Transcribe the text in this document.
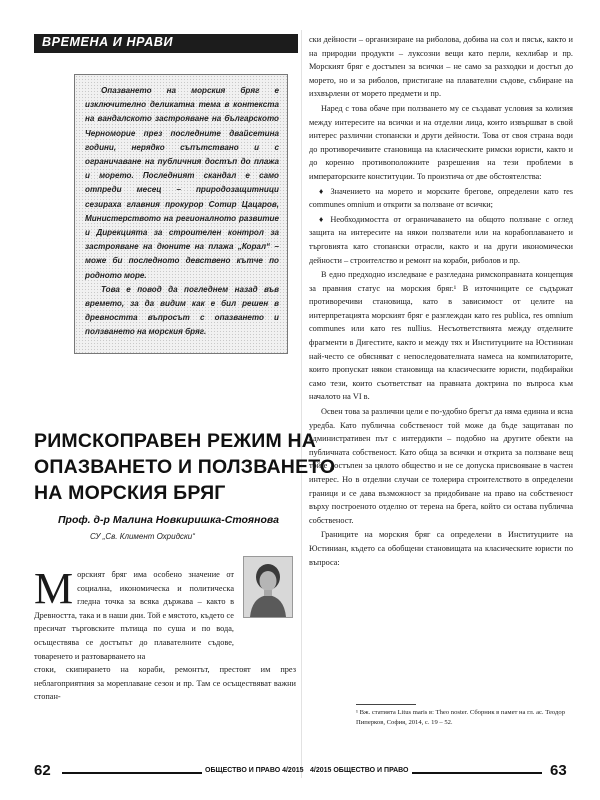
ВРЕМЕНА И НРАВИ

Опазването на морския бряг е изключително деликатна тема в контекста на вандалското застрояване на българското Черноморие през последните двайсетина години, нерядко съпътствано и с ограничаване на публичния достъп до плажа и морето. Последният скандал е само отпреди месец – природозащитници сезираха главния прокурор Сотир Цацаров, Министерството на регионалното развитие и Дирекцията за строителен контрол за застрояване на дюните на плажа „Корал“ – може би последното девствено кътче по родното море.

Това е повод да погледнем назад във времето, за да видим как е бил решен в древността въпросът с опазването и ползването на морския бряг.

РИМСКОПРАВЕН РЕЖИМ НА
ОПАЗВАНЕТО И ПОЛЗВАНЕТО
НА МОРСКИЯ БРЯГ
Проф. д-р Малина Новкиришка-Стоянова
СУ „Св. Климент Охридски“
М орският бряг има особено значение от социална, икономическа и политическа гледна точка за всяка държава – както в Древността, така и в наши дни. Той е мястото, където се пресичат търговските пътища по суша и по вода, осъществява се достъпът до плавателните съдове, товаренето и разтоварването на

стоки, скипирането на кораби, ремонтът, престоят им през неблагоприятния за мореплаване сезон и пр. Там се осъществяват важни стопан-

ски дейности – организиране на риболова, добива на сол и пясък, както и на природни продукти – луксозни вещи като перли, кехлибар и пр. Морският бряг е достъпен за всички – не само за разходки и достъп до морето, но и за риболов, пристигане на плавателни съдове, събиране на изхвърлени от морето предмети и пр.

Наред с това обаче при ползването му се създават условия за колизия между интересите на всички и на отделни лица, които извършват в свой интерес различни стопански и други дейности. Това от своя страна води до противоречивите становища на класическите римски юристи, както и до коренно противоположните разрешения на тези проблеми в императорските конституции. То произтича от две обстоятелства:

♦ Значението на морето и морските брегове, определени като res communes omnium и открити за ползване от всички;

♦ Необходимостта от ограничаването на общото ползване с оглед защита на интересите на някои ползватели или на корабоплаването и търговията като стопански отрасли, както и на други икономически дейности – строителство и ремонт на кораби, риболов и пр.

В едно предходно изследване е разгледана римскоправната концепция за правния статус на морския бряг.¹ В източниците се съдържат противоречиви становища, като в зависимост от целите на интерпретацията морският бряг е разглеждан като res publica, res omnium communes или като res nullius. Несъответствията между отделните фрагменти в Дигестите, както и между тях и Институциите на Юстиниан най-често се обясняват с непоследователната намеса на компилаторите, които пропускат някои становища на класическите юристи, подбирайки само тези, които съответстват на правната доктрина по въпроса към началото на VI в.

Освен това за различни цели е по-удобно брегът да няма единна и ясна уредба. Като публична собственост той може да бъде защитаван по административен път с интердикти – подобно на другите обекти на публичната собственост. Като обща за всички и открита за ползване вещ той е достъпен за цялото общество и не се допуска присвояване в частен интерес. Но в отделни случаи се толерира строителството в определени граници и се дава възможност за придобиване на право на собственост върху построеното отделно от терена на брега, който си остава публична собственост.

Границите на морския бряг са определени в Институциите на Юстиниан, където са обобщени становищата на класическите юристи по въпроса:

¹ Вж. статията Litus maris в: Theo noster. Сборник в памет на гл. ас. Теодор Пиперков, София, 2014, с. 19 – 52.
62	ОБЩЕСТВО И ПРАВО 4/2015 4/2015 ОБЩЕСТВО И ПРАВО	63
